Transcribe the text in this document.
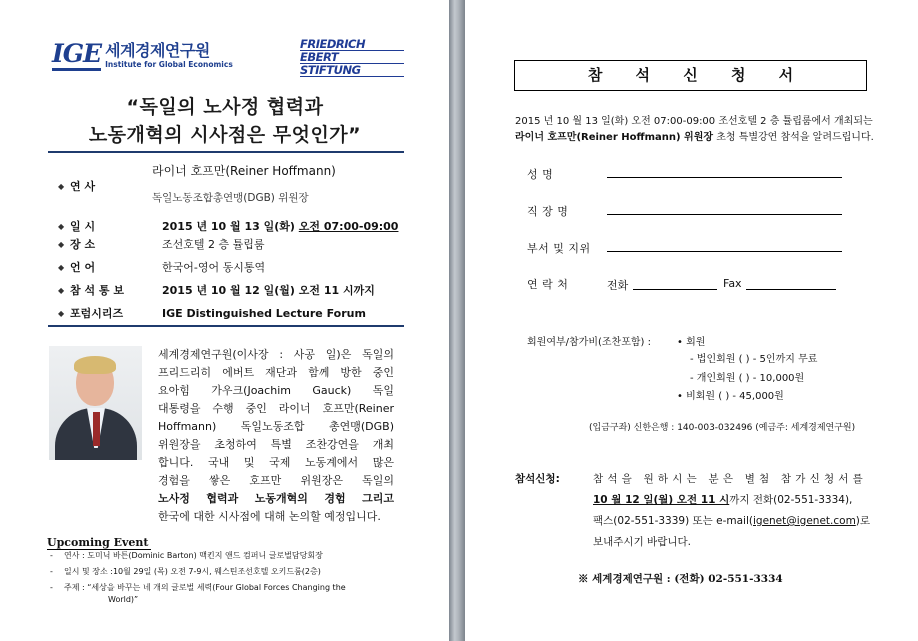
IGE 세계경제연구원
Institute for Global Economics
FRIEDRICH
EBERT
STIFTUNG
“독일의 노사정 협력과
노동개혁의 시사점은 무엇인가”
◆ 연 사
라이너 호프만(Reiner Hoffmann)
독일노동조합총연맹(DGB) 위원장
◆ 일 시	2015 년 10 월 13 일(화) 오전 07:00-09:00
◆ 장 소	조선호텔 2 층 튤립룸
◆ 언 어	한국어-영어 동시통역
◆ 참 석 통 보	2015 년 10 월 12 일(월) 오전 11 시까지
◆ 포럼시리즈	IGE Distinguished Lecture Forum
세계경제연구원(이사장 : 사공 일)은 독일의
프리드리히 에버트 재단과 함께 방한 중인
요아힘 가우크(Joachim Gauck) 독일
대통령을 수행 중인 라이너 호프만(Reiner
Hoffmann) 독일노동조합 총연맹(DGB)
위원장을 초청하여 특별 조찬강연을 개최
합니다. 국내 및 국제 노동계에서 많은
경험을 쌓은 호프만 위원장은 독일의
노사정 협력과 노동개혁의 경험 그리고
한국에 대한 시사점에 대해 논의할 예정입니다.
Upcoming Event
- 연사 : 도미닉 바튼(Dominic Barton) 맥킨지 앤드 컴퍼니 글로벌담당회장
- 일시 및 장소 :10월 29일 (목) 오전 7-9시, 웨스틴조선호텔 오키드룸(2층)
- 주제 : “세상을 바꾸는 네 개의 글로벌 세력(Four Global Forces Changing the
World)”
참 석 신 청 서
2015 년 10 월 13 일(화) 오전 07:00-09:00 조선호텔 2 층 튤립룸에서 개최되는
라이너 호프만(Reiner Hoffmann) 위원장 초청 특별강연 참석을 알려드립니다.
성 명
직 장 명
부서 및 지위
연 락 처	전화	Fax
회원여부/참가비(조찬포함) :	• 회원
- 법인회원 ( ) - 5인까지 무료
- 개인회원 ( ) - 10,000원
• 비회원 ( ) - 45,000원
(입금구좌) 신한은행 : 140-003-032496 (예금주: 세계경제연구원)
참석신청:	참석을 원하시는 분은 별첨 참가신청서를
10 월 12 일(월) 오전 11 시까지 전화(02-551-3334),
팩스(02-551-3339) 또는 e-mail(igenet@igenet.com)로
보내주시기 바랍니다.
※ 세계경제연구원 : (전화) 02-551-3334
